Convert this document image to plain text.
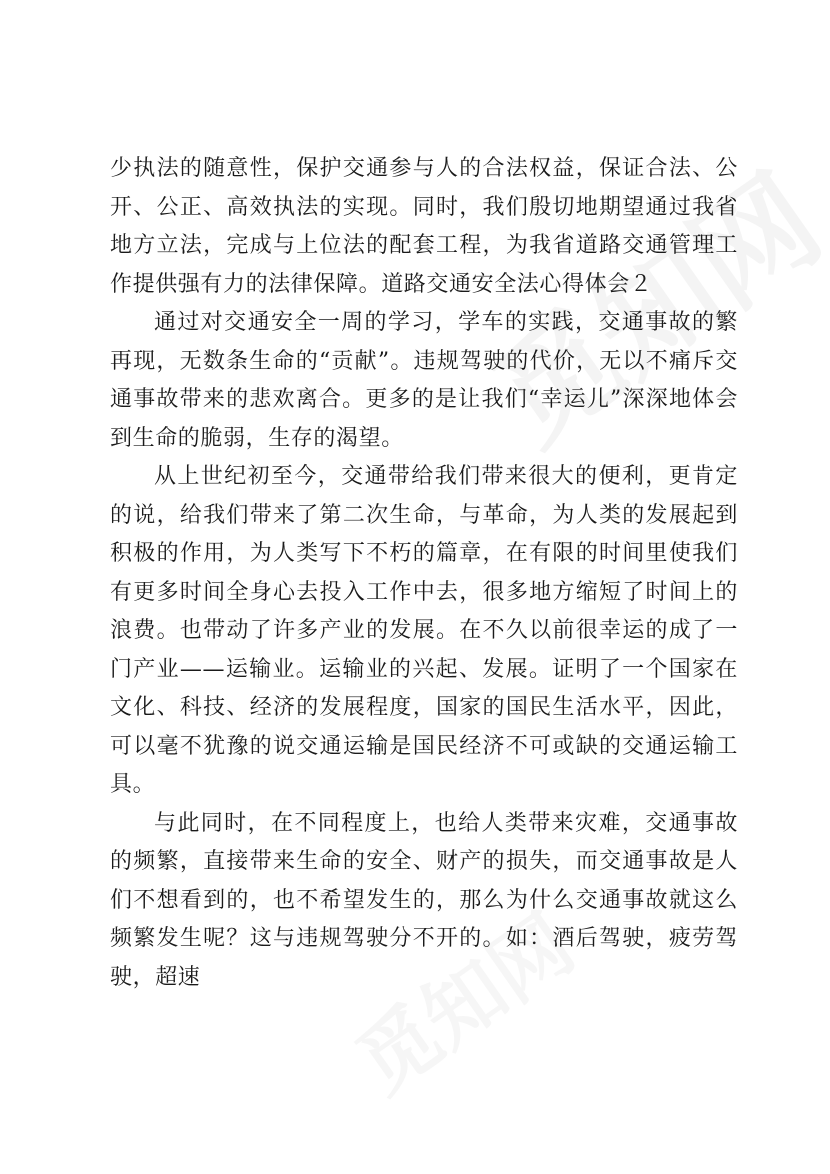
少执法的随意性，保护交通参与人的合法权益，保证合法、公开、公正、高效执法的实现。同时，我们殷切地期望通过我省地方立法，完成与上位法的配套工程，为我省道路交通管理工作提供强有力的法律保障。道路交通安全法心得体会２

通过对交通安全一周的学习，学车的实践，交通事故的繁再现，无数条生命的“贡献”。违规驾驶的代价，无以不痛斥交通事故带来的悲欢离合。更多的是让我们“幸运儿”深深地体会到生命的脆弱，生存的渴望。

从上世纪初至今，交通带给我们带来很大的便利，更肯定的说，给我们带来了第二次生命，与革命，为人类的发展起到积极的作用，为人类写下不朽的篇章，在有限的时间里使我们有更多时间全身心去投入工作中去，很多地方缩短了时间上的浪费。也带动了许多产业的发展。在不久以前很幸运的成了一门产业——运输业。运输业的兴起、发展。证明了一个国家在文化、科技、经济的发展程度，国家的国民生活水平，因此，可以毫不犹豫的说交通运输是国民经济不可或缺的交通运输工具。

与此同时，在不同程度上，也给人类带来灾难，交通事故的频繁，直接带来生命的安全、财产的损失，而交通事故是人们不想看到的，也不希望发生的，那么为什么交通事故就这么频繁发生呢？这与违规驾驶分不开的。如：酒后驾驶，疲劳驾驶，超速
